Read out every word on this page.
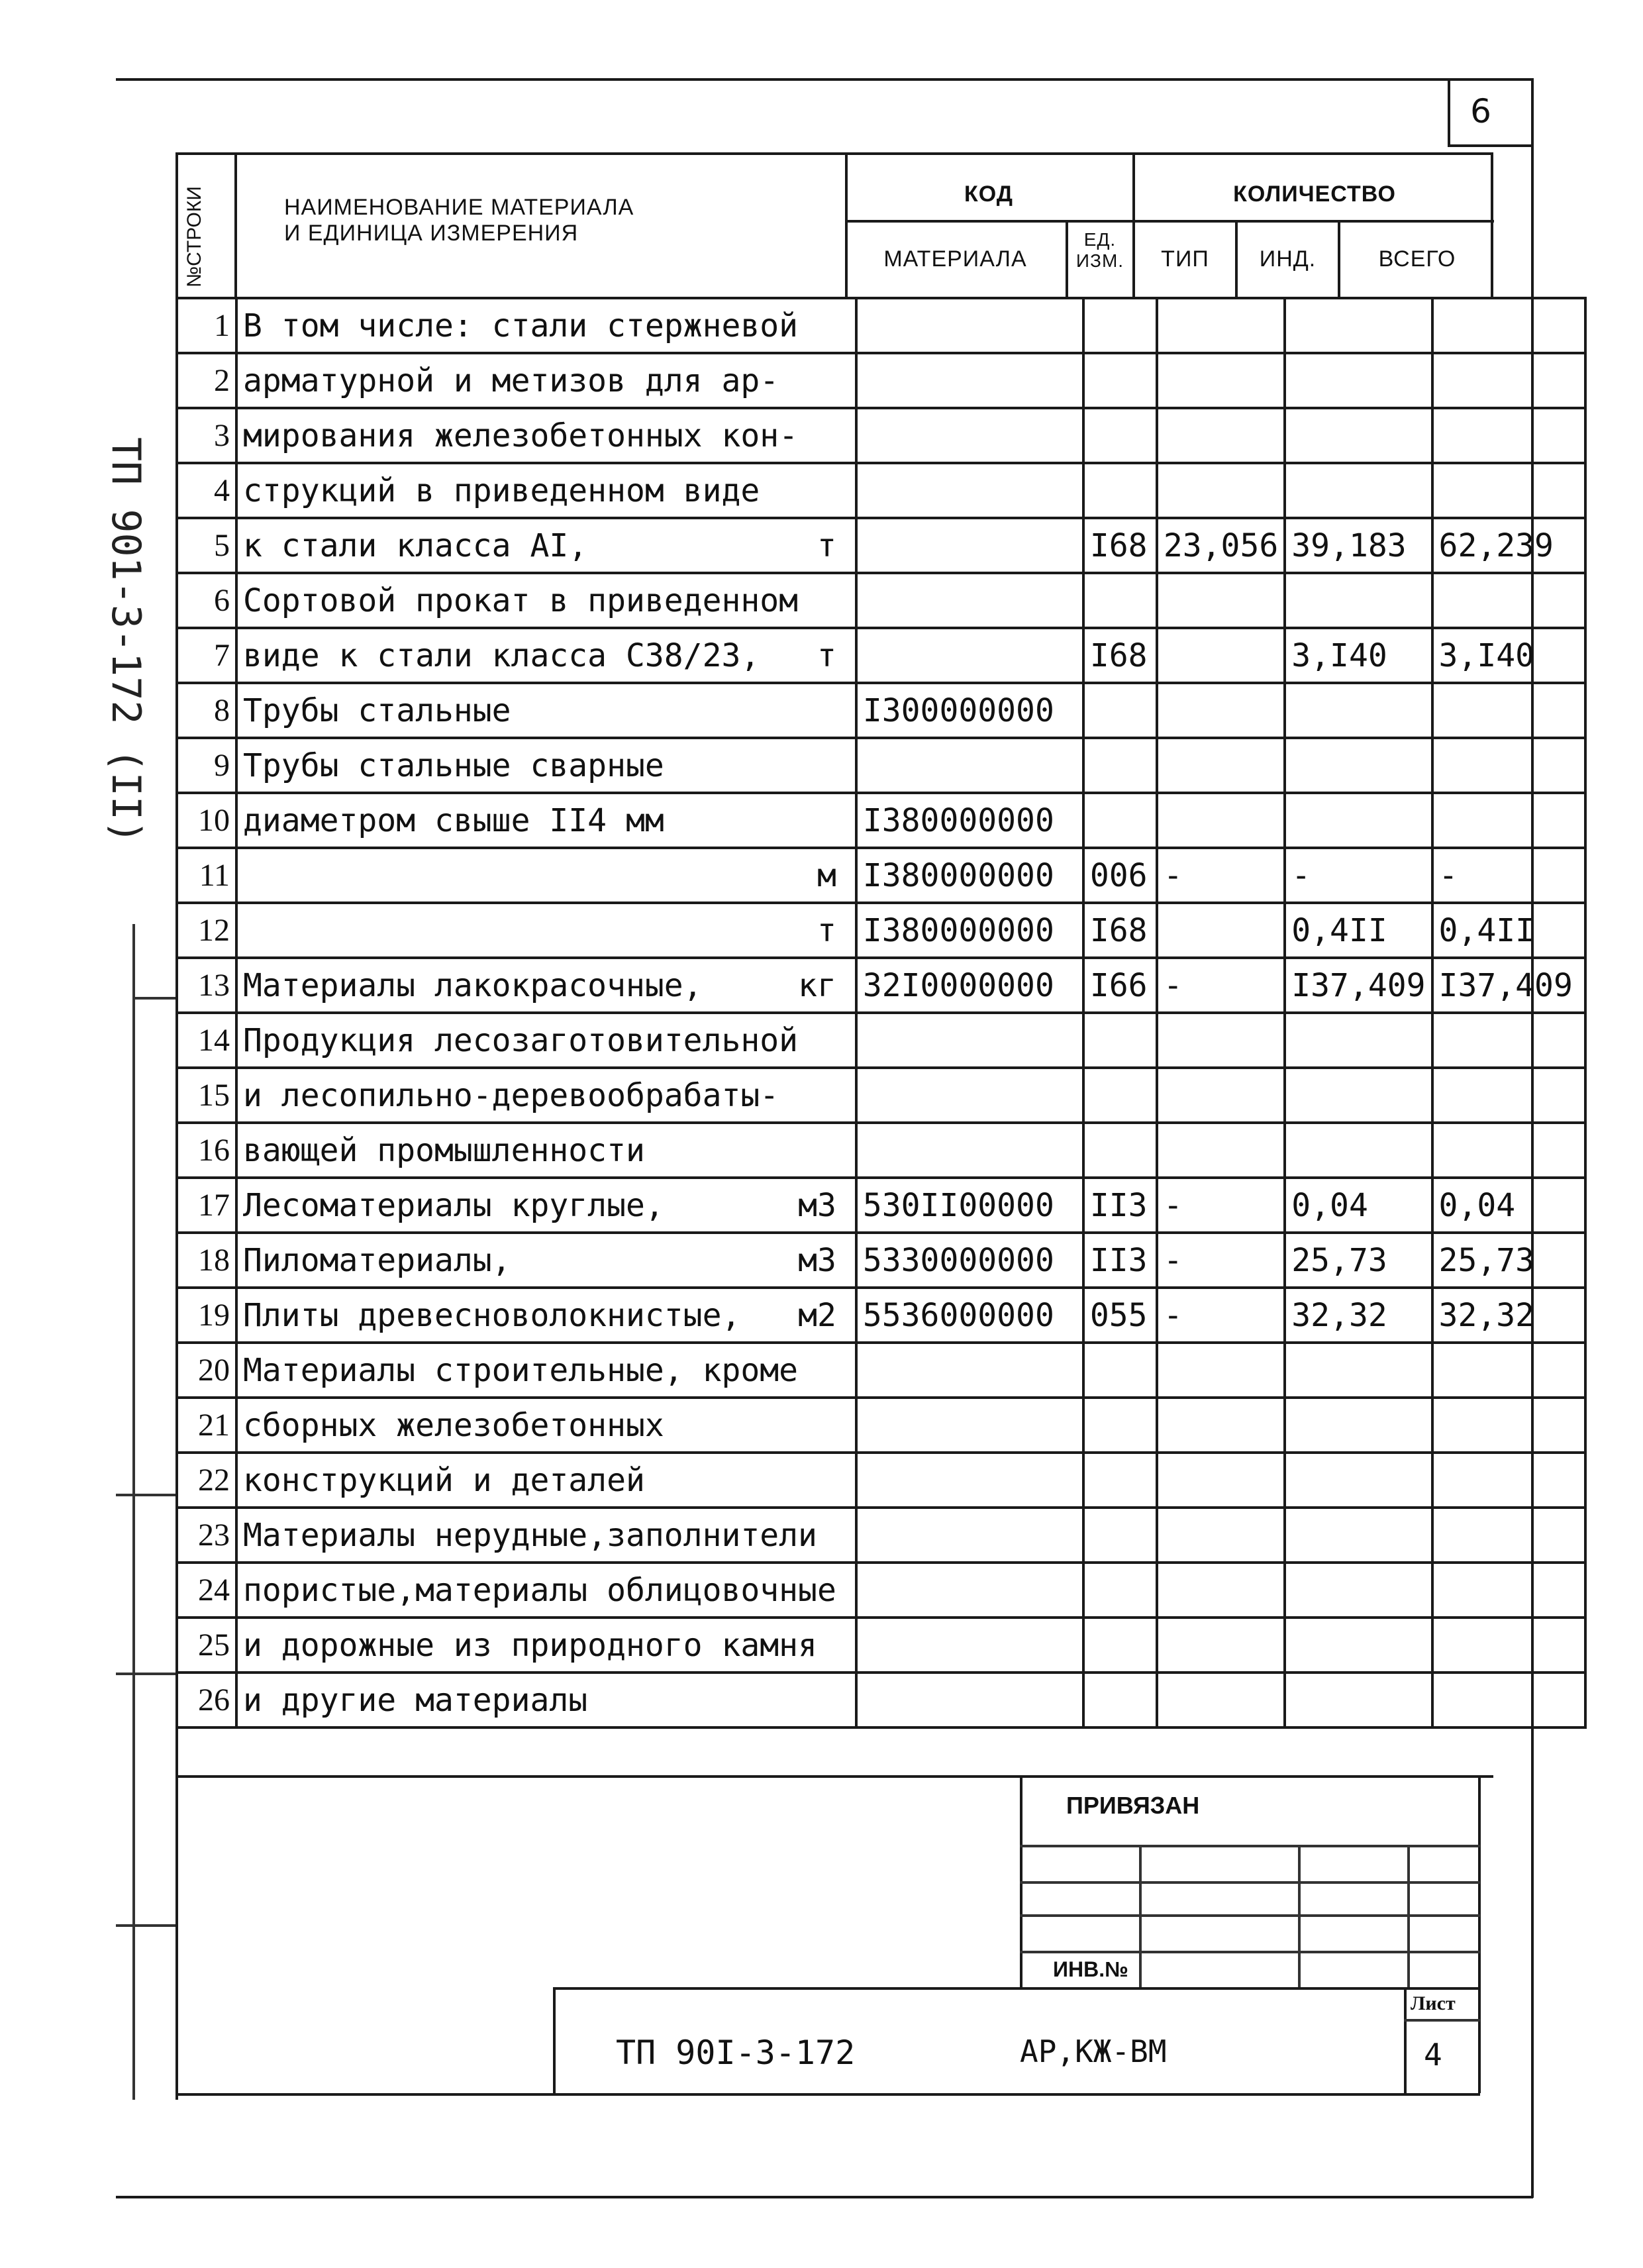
6
ТП 901-3-172 (II)
№СТРОКИ	НАИМЕНОВАНИЕ МАТЕРИАЛА
И ЕДИНИЦА ИЗМЕРЕНИЯ
КОД
МАТЕРИАЛА
ЕД.
ИЗМ.
КОЛИЧЕСТВО
ТИП	ИНД.	ВСЕГО
1	В том числе: стали стержневой					

2	арматурной и метизов для ар-					

3	мирования железобетонных кон-					

4	струкций в приведенном виде					

5	к стали класса АI, т		I68	23,056	39,183	62,239
6	Сортовой прокат в приведенном					

7	виде к стали класса С38/23, т		I68		3,I40	3,I40
8	Трубы стальные	I300000000				
9	Трубы стальные сварные					

10	диаметром свыше II4 мм	I380000000				
11	м	I380000000	006	-	-	-
12	т	I380000000	I68		0,4II	0,4II
13	Материалы лакокрасочные, кг	32I0000000	I66	-	I37,409	I37,409
14	Продукция лесозаготовительной					

15	и лесопильно-деревообрабаты-					

16	вающей промышленности					

17	Лесоматериалы круглые, м3	530II00000	II3	-	0,04	0,04
18	Пиломатериалы, м3	5330000000	II3	-	25,73	25,73
19	Плиты древесноволокнистые, м2	5536000000	055	-	32,32	32,32
20	Материалы строительные, кроме					

21	сборных железобетонных					

22	конструкций и деталей					

23	Материалы нерудные,заполнители					

24	пористые,материалы облицовочные					

25	и дорожные из природного камня					

26	и другие материалы					

ПРИВЯЗАН
ИНВ.№
ТП 90I-3-172	АР,КЖ-ВМ
Лист
4
